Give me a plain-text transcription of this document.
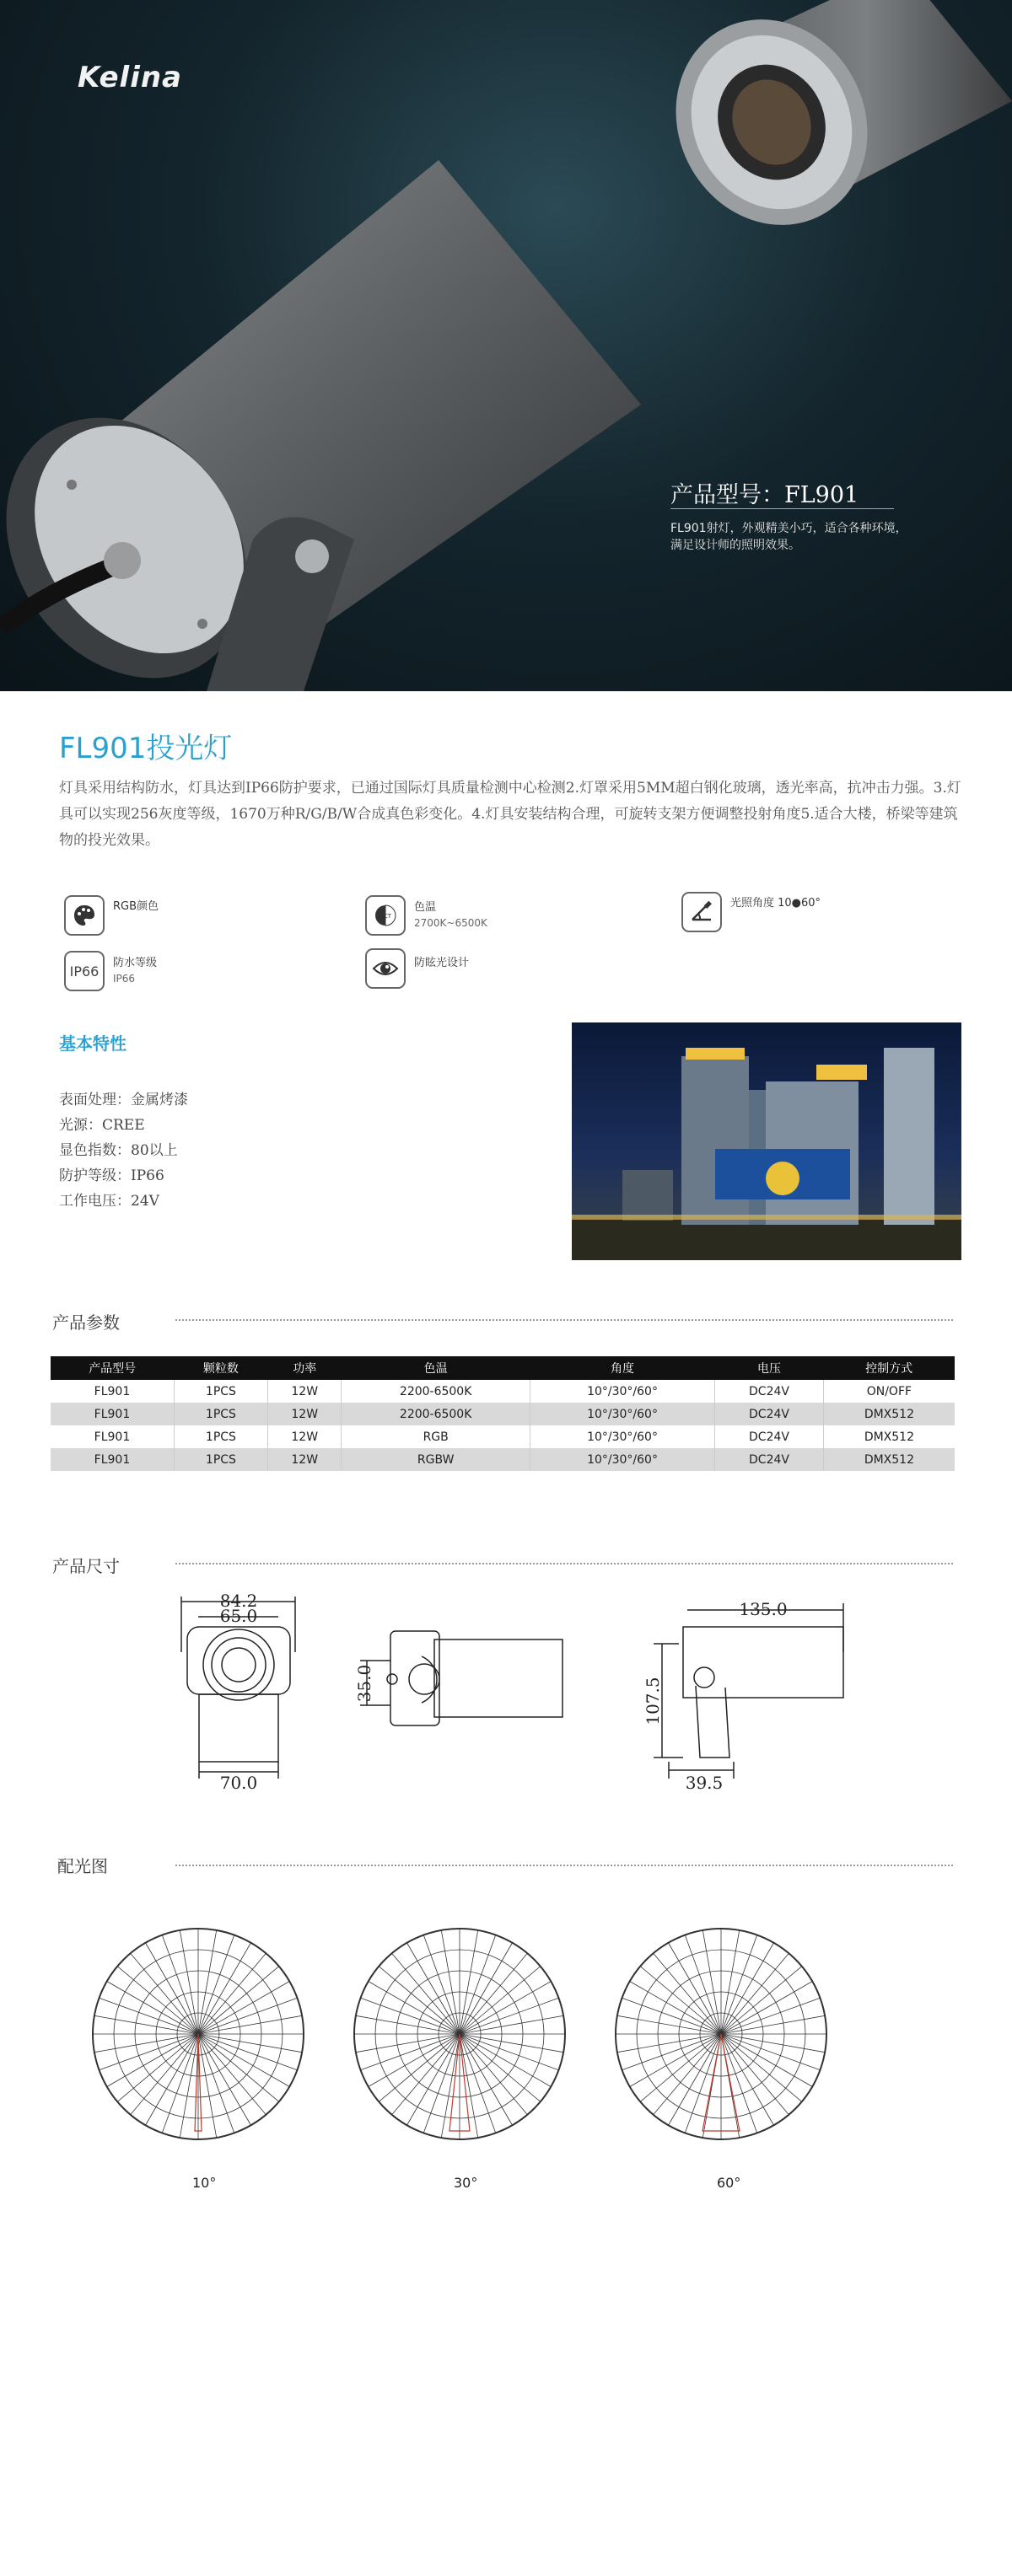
Kelina
产品型号：FL901
FL901射灯，外观精美小巧，适合各种环境，满足设计师的照明效果。
FL901投光灯
灯具采用结构防水，灯具达到IP66防护要求，已通过国际灯具质量检测中心检测2.灯罩采用5MM超白钢化玻璃，透光率高，抗冲击力强。3.灯具可以实现256灰度等级，1670万种R/G/B/W合成真色彩变化。4.灯具安装结构合理，可旋转支架方便调整投射角度5.适合大楼，桥梁等建筑物的投光效果。
RGB颜色
CCT
色温
2700K~6500K
光照角度 10●60°
IP66 防水等级
IP66
防眩光设计
基本特性
表面处理：金属烤漆
光源：CREE
显色指数：80以上
防护等级：IP66
工作电压：24V
产品参数
产品型号	颗粒数	功率	色温	角度	电压	控制方式
FL901	1PCS	12W	2200-6500K	10°/30°/60°	DC24V	ON/OFF
FL901	1PCS	12W	2200-6500K	10°/30°/60°	DC24V	DMX512
FL901	1PCS	12W	RGB	10°/30°/60°	DC24V	DMX512
FL901	1PCS	12W	RGBW	10°/30°/60°	DC24V	DMX512
产品尺寸
84.2
65.0
70.0
35.0
135.0
107.5
39.5
配光图
10°	30°	60°
